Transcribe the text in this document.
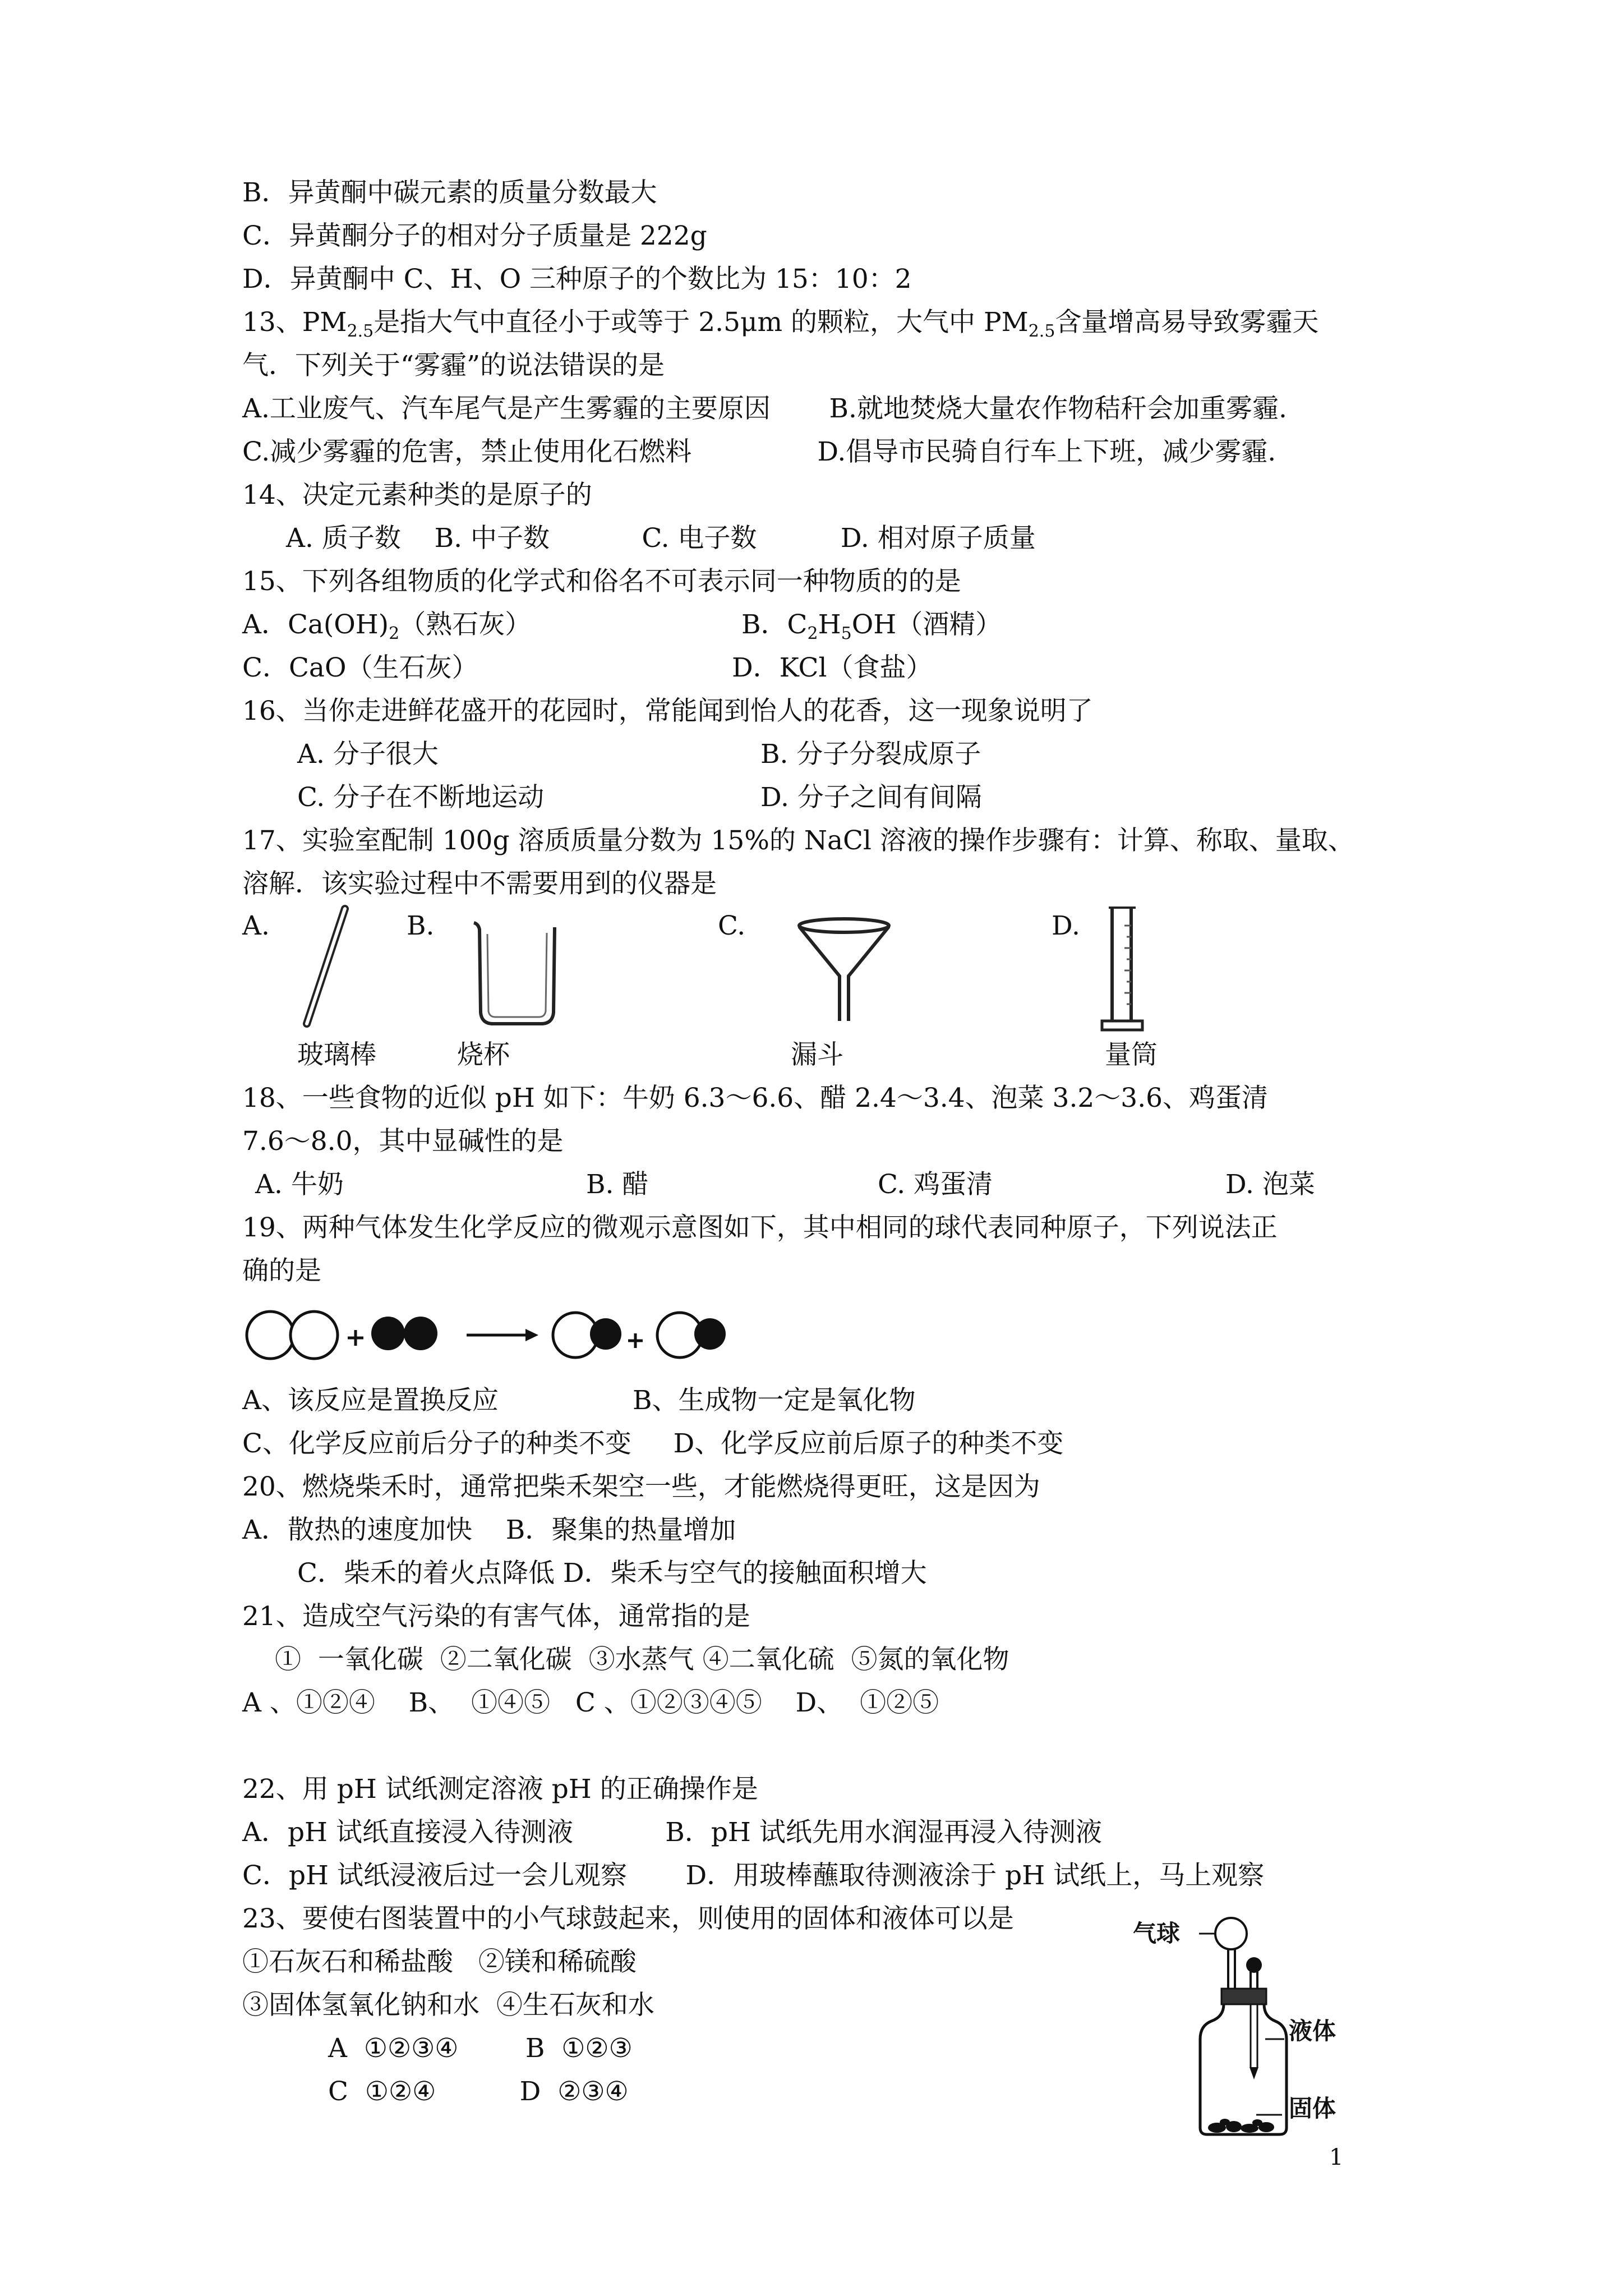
B．异黄酮中碳元素的质量分数最大
C．异黄酮分子的相对分子质量是 222g
D．异黄酮中 C、H、O 三种原子的个数比为 15：10：2
13、$PM_{2.5}$是指大气中直径小于或等于 2.5μm 的颗粒，大气中 $PM_{2.5}$含量增高易导致雾霾天
气．下列关于“雾霾”的说法错误的是
A.工业废气、汽车尾气是产生雾霾的主要原因       B.就地焚烧大量农作物秸秆会加重雾霾.
C.减少雾霾的危害，禁止使用化石燃料               D.倡导市民骑自行车上下班，减少雾霾.
14、决定元素种类的是原子的
A. 质子数    B. 中子数           C. 电子数          D. 相对原子质量
15、下列各组物质的化学式和俗名不可表示同一种物质的的是
A．$Ca(OH)_2$（熟石灰）	B．$C_2H_5OH$（酒精）
C．CaO（生石灰）	D．KCl（食盐）
16、当你走进鲜花盛开的花园时，常能闻到怡人的花香，这一现象说明了
A. 分子很大	B. 分子分裂成原子
C. 分子在不断地运动	D. 分子之间有间隔
17、实验室配制 100g 溶质质量分数为 15%的 NaCl 溶液的操作步骤有：计算、称取、量取、
溶解．该实验过程中不需要用到的仪器是
A.	B.	C.	D.
玻璃棒	烧杯	漏斗	量筒
18、一些食物的近似 pH 如下：牛奶 6.3～6.6、醋 2.4～3.4、泡菜 3.2～3.6、鸡蛋清
7.6～8.0，其中显碱性的是
A. 牛奶	B. 醋	C. 鸡蛋清	D. 泡菜
19、两种气体发生化学反应的微观示意图如下，其中相同的球代表同种原子，下列说法正
确的是
A、该反应是置换反应                B、生成物一定是氧化物
C、化学反应前后分子的种类不变     D、化学反应前后原子的种类不变
20、燃烧柴禾时，通常把柴禾架空一些，才能燃烧得更旺，这是因为
A．散热的速度加快    B．聚集的热量增加
C．柴禾的着火点降低 D．柴禾与空气的接触面积增大
21、造成空气污染的有害气体，通常指的是
①  一氧化碳  ②二氧化碳  ③水蒸气 ④二氧化硫  ⑤氮的氧化物
A 、①②④    B、  ①④⑤   C 、①②③④⑤    D、  ①②⑤
22、用 pH 试纸测定溶液 pH 的正确操作是
A．pH 试纸直接浸入待测液           B．pH 试纸先用水润湿再浸入待测液
C．pH 试纸浸液后过一会儿观察       D．用玻棒蘸取待测液涂于 pH 试纸上，马上观察
23、要使右图装置中的小气球鼓起来，则使用的固体和液体可以是
①石灰石和稀盐酸   ②镁和稀硫酸
③固体氢氧化钠和水  ④生石灰和水
A  ①②③④        B  ①②③
C  ①②④          D  ②③④
气球
液体
固体
1
